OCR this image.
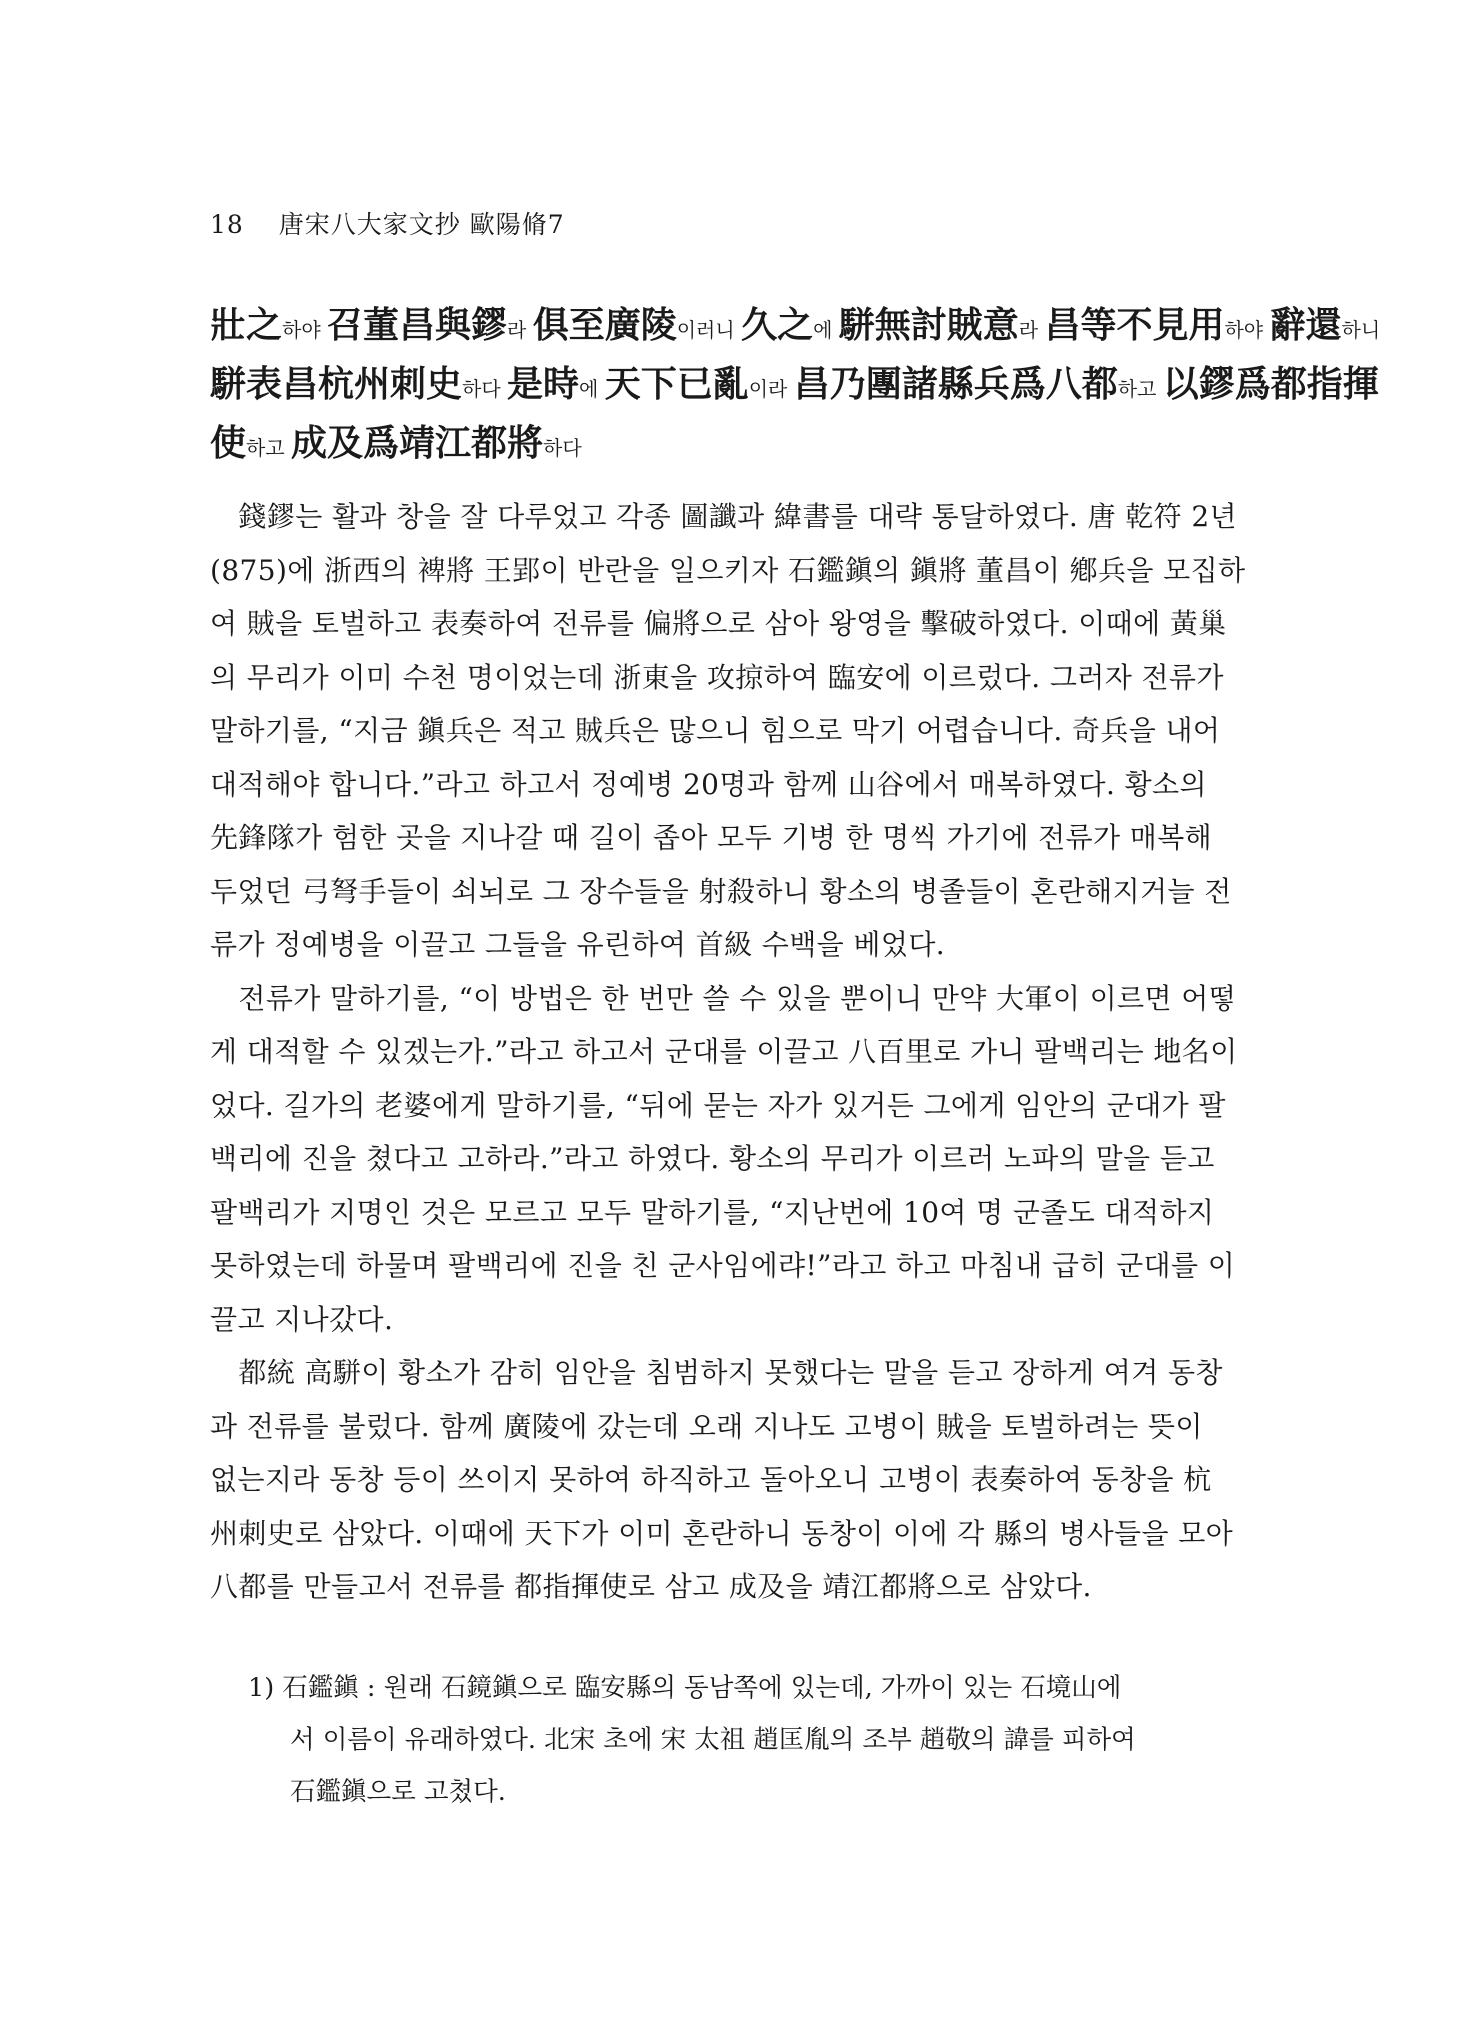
18 唐宋八大家文抄 歐陽脩7
壯之하야 召董昌與鏐라 俱至廣陵이러니 久之에 駢無討賊意라 昌等不見用하야 辭還하니
駢表昌杭州刺史하다 是時에 天下已亂이라 昌乃團諸縣兵爲八都하고 以鏐爲都指揮
使하고 成及爲靖江都將하다
　錢鏐는 활과 창을 잘 다루었고 각종 圖讖과 緯書를 대략 통달하였다. 唐 乾符 2년
(875)에 浙西의 裨將 王郢이 반란을 일으키자 石鑑鎭의 鎭將 董昌이 鄕兵을 모집하
여 賊을 토벌하고 表奏하여 전류를 偏將으로 삼아 왕영을 擊破하였다. 이때에 黃巢
의 무리가 이미 수천 명이었는데 浙東을 攻掠하여 臨安에 이르렀다. 그러자 전류가
말하기를, “지금 鎭兵은 적고 賊兵은 많으니 힘으로 막기 어렵습니다. 奇兵을 내어
대적해야 합니다.”라고 하고서 정예병 20명과 함께 山谷에서 매복하였다. 황소의
先鋒隊가 험한 곳을 지나갈 때 길이 좁아 모두 기병 한 명씩 가기에 전류가 매복해
두었던 弓弩手들이 쇠뇌로 그 장수들을 射殺하니 황소의 병졸들이 혼란해지거늘 전
류가 정예병을 이끌고 그들을 유린하여 首級 수백을 베었다.
　전류가 말하기를, “이 방법은 한 번만 쓸 수 있을 뿐이니 만약 大軍이 이르면 어떻
게 대적할 수 있겠는가.”라고 하고서 군대를 이끌고 八百里로 가니 팔백리는 地名이
었다. 길가의 老婆에게 말하기를, “뒤에 묻는 자가 있거든 그에게 임안의 군대가 팔
백리에 진을 쳤다고 고하라.”라고 하였다. 황소의 무리가 이르러 노파의 말을 듣고
팔백리가 지명인 것은 모르고 모두 말하기를, “지난번에 10여 명 군졸도 대적하지
못하였는데 하물며 팔백리에 진을 친 군사임에랴!”라고 하고 마침내 급히 군대를 이
끌고 지나갔다.
　都統 高駢이 황소가 감히 임안을 침범하지 못했다는 말을 듣고 장하게 여겨 동창
과 전류를 불렀다. 함께 廣陵에 갔는데 오래 지나도 고병이 賊을 토벌하려는 뜻이
없는지라 동창 등이 쓰이지 못하여 하직하고 돌아오니 고병이 表奏하여 동창을 杭
州刺史로 삼았다. 이때에 天下가 이미 혼란하니 동창이 이에 각 縣의 병사들을 모아
八都를 만들고서 전류를 都指揮使로 삼고 成及을 靖江都將으로 삼았다.
1) 石鑑鎭 : 원래 石鏡鎭으로 臨安縣의 동남쪽에 있는데, 가까이 있는 石境山에
서 이름이 유래하였다. 北宋 초에 宋 太祖 趙匡胤의 조부 趙敬의 諱를 피하여
石鑑鎭으로 고쳤다.
